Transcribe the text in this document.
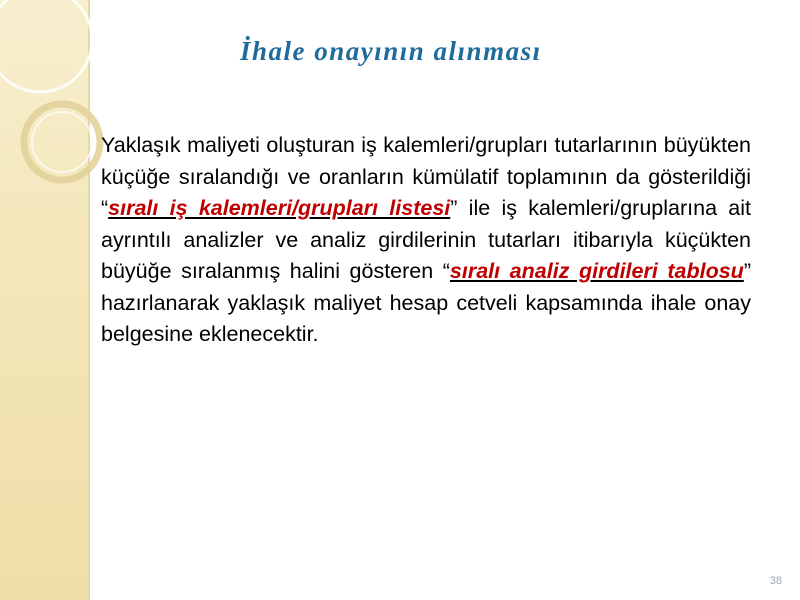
İhale onayının alınması
Yaklaşık maliyeti oluşturan iş kalemleri/grupları tutarlarının büyükten küçüğe sıralandığı ve oranların kümülatif toplamının da gösterildiği “sıralı iş kalemleri/grupları listesi” ile iş kalemleri/gruplarına ait ayrıntılı analizler ve analiz girdilerinin tutarları itibarıyla küçükten büyüğe sıralanmış halini gösteren “sıralı analiz girdileri tablosu” hazırlanarak yaklaşık maliyet hesap cetveli kapsamında ihale onay belgesine eklenecektir.
38
